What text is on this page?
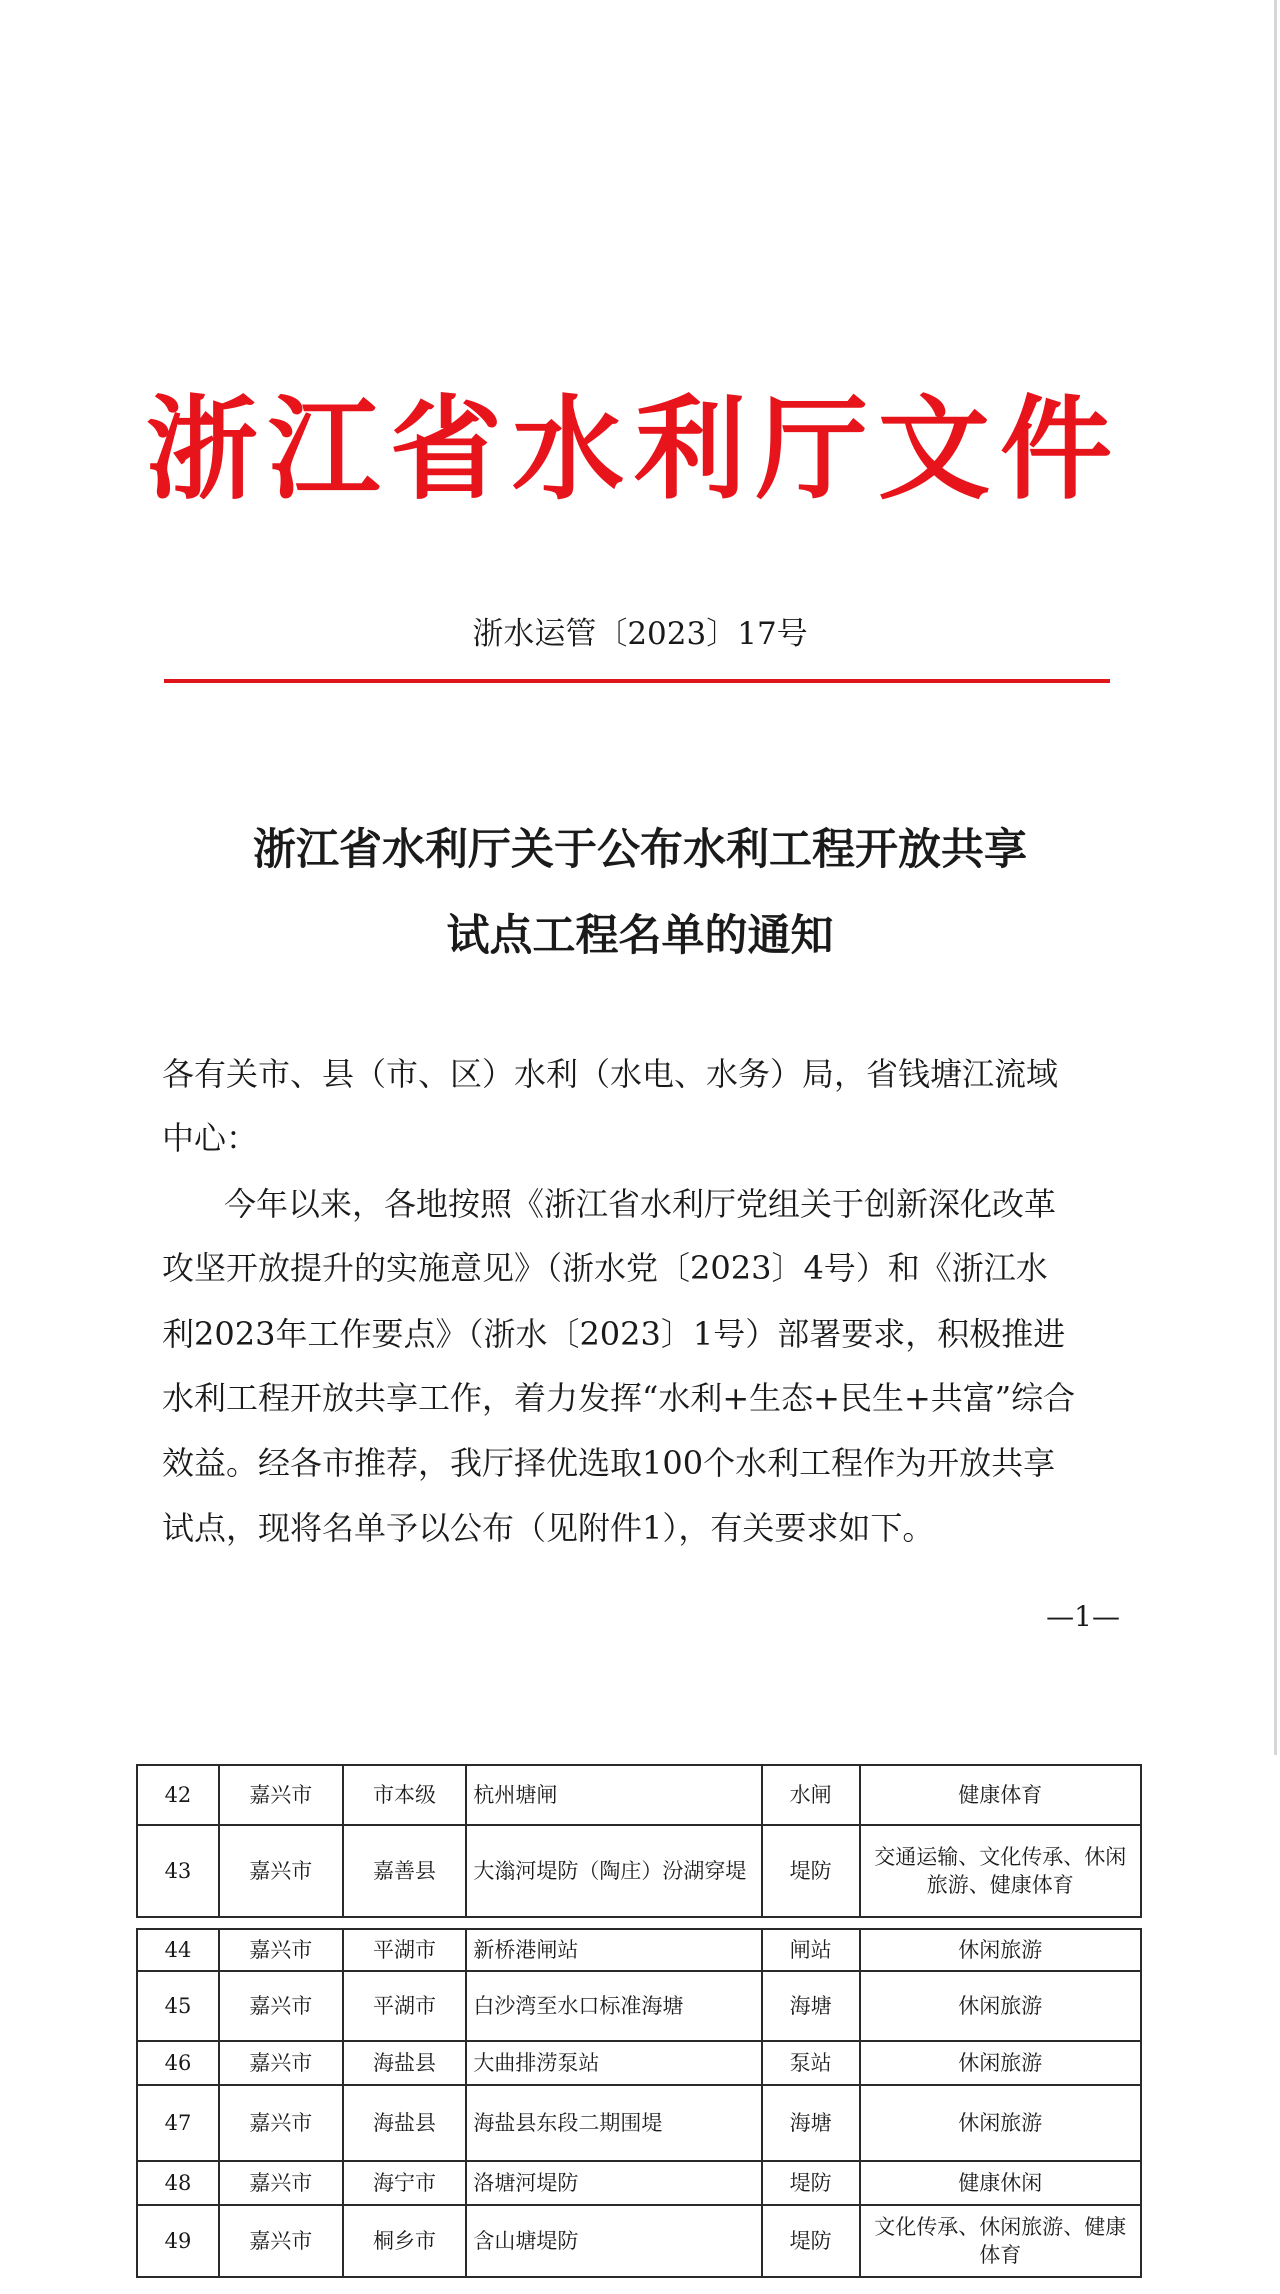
浙江省水利厅文件
浙水运管〔2023〕17号
浙江省水利厅关于公布水利工程开放共享
试点工程名单的通知
各有关市、县（市、区）水利（水电、水务）局，省钱塘江流域
中心：
今年以来，各地按照《浙江省水利厅党组关于创新深化改革
攻坚开放提升的实施意见》（浙水党〔2023〕4号）和《浙江水
利2023年工作要点》（浙水〔2023〕1号）部署要求，积极推进
水利工程开放共享工作，着力发挥“水利+生态+民生+共富”综合
效益。经各市推荐，我厅择优选取100个水利工程作为开放共享
试点，现将名单予以公布（见附件1），有关要求如下。
—1—
42	嘉兴市	市本级	杭州塘闸	水闸	健康体育
43	嘉兴市	嘉善县	大滃河堤防（陶庄）汾湖穿堤	堤防	交通运输、文化传承、休闲旅游、健康体育
44	嘉兴市	平湖市	新桥港闸站	闸站	休闲旅游
45	嘉兴市	平湖市	白沙湾至水口标准海塘	海塘	休闲旅游
46	嘉兴市	海盐县	大曲排涝泵站	泵站	休闲旅游
47	嘉兴市	海盐县	海盐县东段二期围堤	海塘	休闲旅游
48	嘉兴市	海宁市	洛塘河堤防	堤防	健康休闲
49	嘉兴市	桐乡市	含山塘堤防	堤防	文化传承、休闲旅游、健康体育
